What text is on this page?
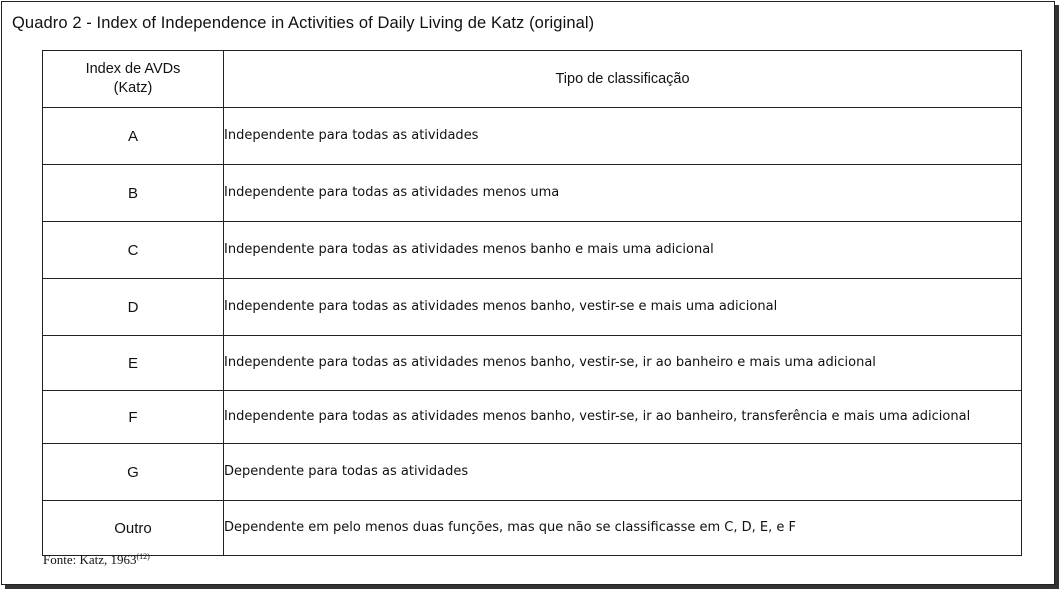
Quadro 2 - Index of Independence in Activities of Daily Living de Katz (original)
Index de AVDs
(Katz)	Tipo de classificação
A	Independente para todas as atividades
B	Independente para todas as atividades menos uma
C	Independente para todas as atividades menos banho e mais uma adicional
D	Independente para todas as atividades menos banho, vestir-se e mais uma adicional
E	Independente para todas as atividades menos banho, vestir-se, ir ao banheiro e mais uma adicional
F	Independente para todas as atividades menos banho, vestir-se, ir ao banheiro, transferência e mais uma adicional
G	Dependente para todas as atividades
Outro	Dependente em pelo menos duas funções, mas que não se classificasse em C, D, E, e F
Fonte: Katz, 1963$^{(12)}$
